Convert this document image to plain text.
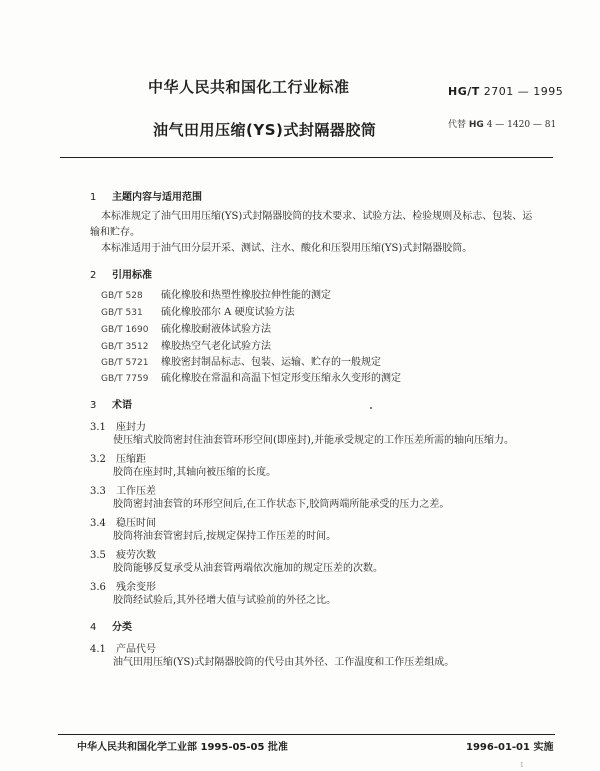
中华人民共和国化工行业标准	HG/T 2701 — 1995
油气田用压缩(YS)式封隔器胶筒	代替 HG 4 — 1420 — 81
1 主题内容与适用范围
本标准规定了油气田用压缩(YS)式封隔器胶筒的技术要求、试验方法、检验规则及标志、包装、运
输和贮存。
本标准适用于油气田分层开采、测试、注水、酸化和压裂用压缩(YS)式封隔器胶筒。
2 引用标准
GB/T 528 硫化橡胶和热塑性橡胶拉伸性能的测定
GB/T 531 硫化橡胶邵尔 A 硬度试验方法
GB/T 1690 硫化橡胶耐液体试验方法
GB/T 3512 橡胶热空气老化试验方法
GB/T 5721 橡胶密封制品标志、包装、运输、贮存的一般规定
GB/T 7759 硫化橡胶在常温和高温下恒定形变压缩永久变形的测定
3 术语
3.1 座封力
使压缩式胶筒密封住油套管环形空间(即座封),并能承受规定的工作压差所需的轴向压缩力。
3.2 压缩距
胶筒在座封时,其轴向被压缩的长度。
3.3 工作压差
胶筒密封油套管的环形空间后,在工作状态下,胶筒两端所能承受的压力之差。
3.4 稳压时间
胶筒将油套管密封后,按规定保持工作压差的时间。
3.5 疲劳次数
胶筒能够反复承受从油套管两端依次施加的规定压差的次数。
3.6 残余变形
胶筒经试验后,其外径增大值与试验前的外径之比。
4 分类
4.1 产品代号
油气田用压缩(YS)式封隔器胶筒的代号由其外径、工作温度和工作压差组成。
中华人民共和国化学工业部 1995-05-05 批准	1996-01-01 实施
1
